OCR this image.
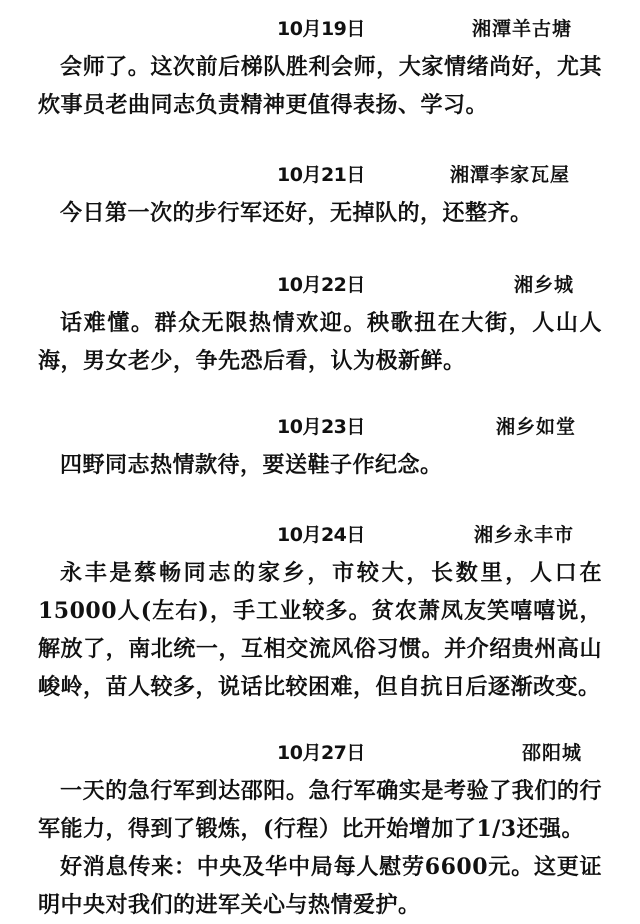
10月19日	湘潭羊古塘

会师了。这次前后梯队胜利会师，大家情绪尚好，尤其炊事员老曲同志负责精神更值得表扬、学习。

10月21日	湘潭李家瓦屋

今日第一次的步行军还好，无掉队的，还整齐。

10月22日	湘乡城

话难懂。群众无限热情欢迎。秧歌扭在大街，人山人海，男女老少，争先恐后看，认为极新鲜。

10月23日	湘乡如堂

四野同志热情款待，要送鞋子作纪念。

10月24日	湘乡永丰市

永丰是蔡畅同志的家乡，市较大，长数里，人口在15000人(左右)，手工业较多。贫农萧凤友笑嘻嘻说，解放了，南北统一，互相交流风俗习惯。并介绍贵州高山峻岭，苗人较多，说话比较困难，但自抗日后逐渐改变。

10月27日	邵阳城

一天的急行军到达邵阳。急行军确实是考验了我们的行军能力，得到了锻炼，(行程）比开始增加了1/3还强。

好消息传来：中央及华中局每人慰劳6600元。这更证明中央对我们的进军关心与热情爱护。
